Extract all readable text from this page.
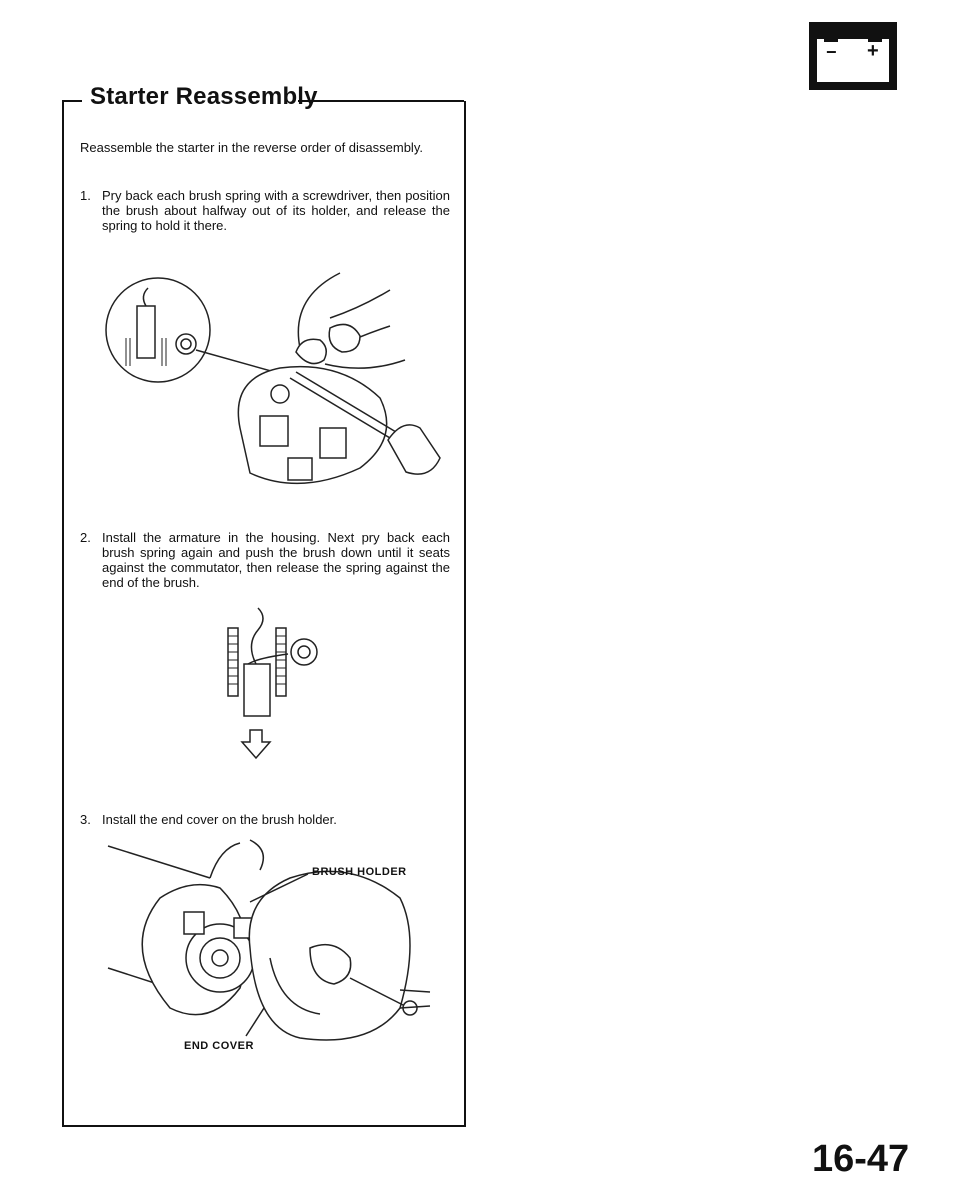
− +
Starter Reassembly
Reassemble the starter in the reverse order of disassembly.
1. Pry back each brush spring with a screwdriver, then position the brush about halfway out of its holder, and release the spring to hold it there.
2. Install the armature in the housing. Next pry back each brush spring again and push the brush down until it seats against the commutator, then release the spring against the end of the brush.
3. Install the end cover on the brush holder.
BRUSH HOLDER
END COVER
16-47
